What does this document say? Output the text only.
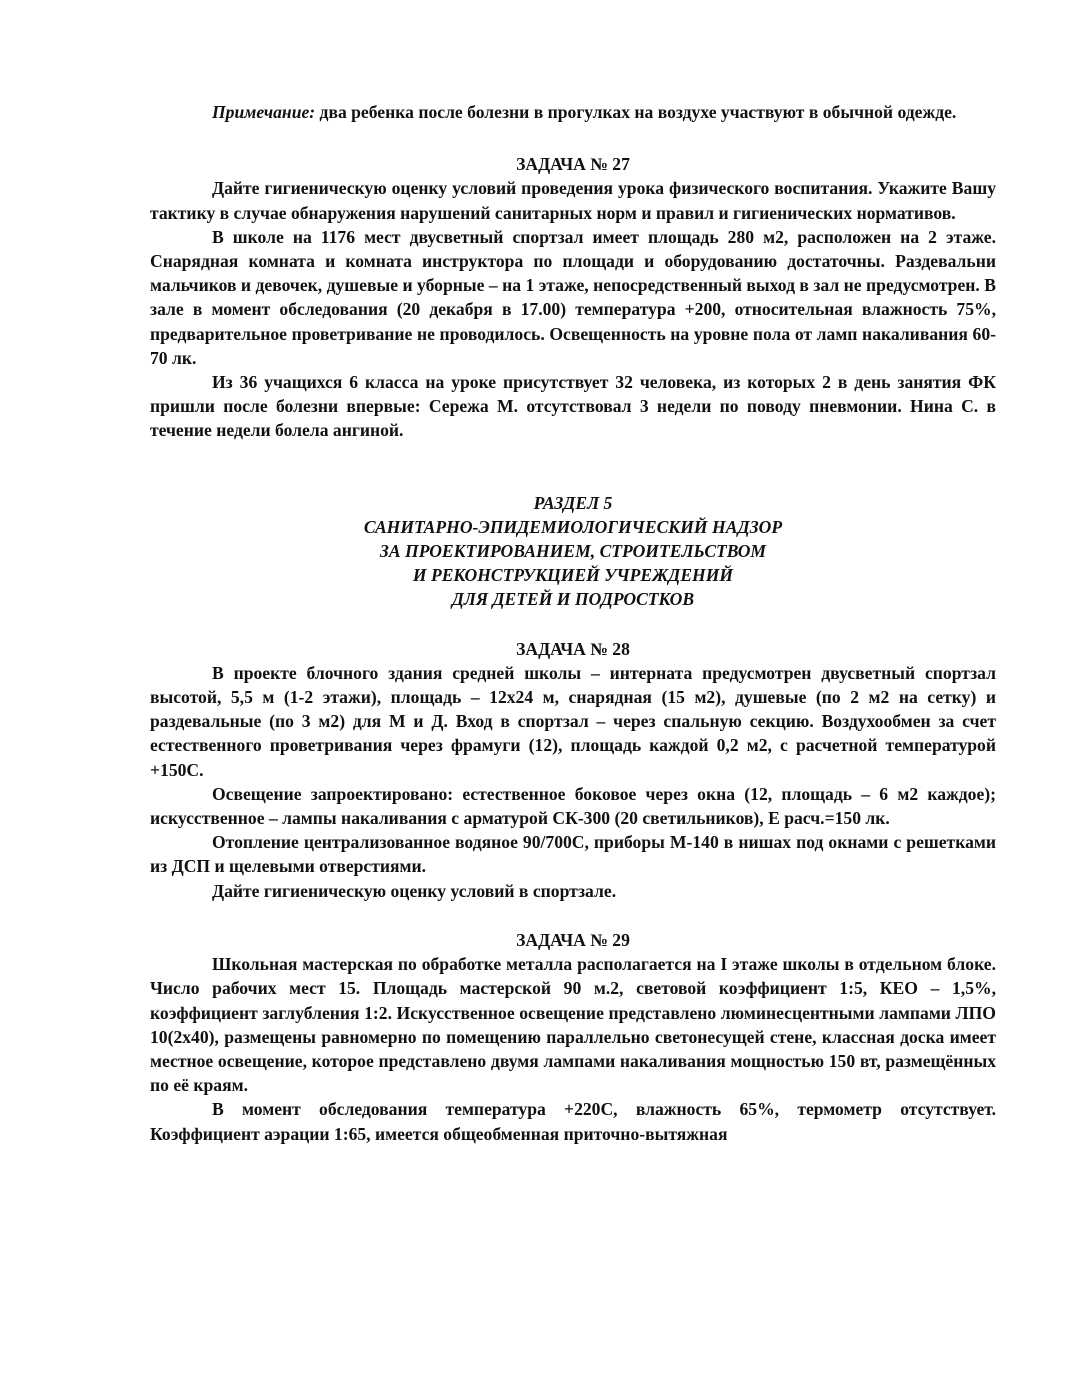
Примечание: два ребенка после болезни в прогулках на воздухе участвуют в обычной одежде.

ЗАДАЧА № 27

Дайте гигиеническую оценку условий проведения урока физического воспитания. Укажите Вашу тактику в случае обнаружения нарушений санитарных норм и правил и гигиенических нормативов.

В школе на 1176 мест двусветный спортзал имеет площадь 280 м2, расположен на 2 этаже. Снарядная комната и комната инструктора по площади и оборудованию достаточны. Раздевальни мальчиков и девочек, душевые и уборные – на 1 этаже, непосредственный выход в зал не предусмотрен. В зале в момент обследования (20 декабря в 17.00) температура +200, относительная влажность 75%, предварительное проветривание не проводилось. Освещенность на уровне пола от ламп накаливания 60-70 лк.

Из 36 учащихся 6 класса на уроке присутствует 32 человека, из которых 2 в день занятия ФК пришли после болезни впервые: Сережа М. отсутствовал 3 недели по поводу пневмонии. Нина С. в течение недели болела ангиной.

РАЗДЕЛ 5
САНИТАРНО-ЭПИДЕМИОЛОГИЧЕСКИЙ НАДЗОР
ЗА ПРОЕКТИРОВАНИЕМ, СТРОИТЕЛЬСТВОМ
И РЕКОНСТРУКЦИЕЙ УЧРЕЖДЕНИЙ
ДЛЯ ДЕТЕЙ И ПОДРОСТКОВ

ЗАДАЧА № 28

В проекте блочного здания средней школы – интерната предусмотрен двусветный спортзал высотой, 5,5 м (1-2 этажи), площадь – 12х24 м, снарядная (15 м2), душевые (по 2 м2 на сетку) и раздевальные (по 3 м2) для М и Д. Вход в спортзал – через спальную секцию. Воздухообмен за счет естественного проветривания через фрамуги (12), площадь каждой 0,2 м2, с расчетной температурой +150С.

Освещение запроектировано: естественное боковое через окна (12, площадь – 6 м2 каждое); искусственное – лампы накаливания с арматурой СК-300 (20 светильников), Е расч.=150 лк.

Отопление централизованное водяное 90/700С, приборы М-140 в нишах под окнами с решетками из ДСП и щелевыми отверстиями.

Дайте гигиеническую оценку условий в спортзале.

ЗАДАЧА № 29

Школьная мастерская по обработке металла располагается на I этаже школы в отдельном блоке. Число рабочих мест 15. Площадь мастерской 90 м.2, световой коэффициент 1:5, КЕО – 1,5%, коэффициент заглубления 1:2. Искусственное освещение представлено люминесцентными лампами ЛПО 10(2х40), размещены равномерно по помещению параллельно светонесущей стене, классная доска имеет местное освещение, которое представлено двумя лампами накаливания мощностью 150 вт, размещённых по её краям.

В момент обследования температура +220С, влажность 65%, термометр отсутствует. Коэффициент аэрации 1:65, имеется общеобменная приточно-вытяжная
